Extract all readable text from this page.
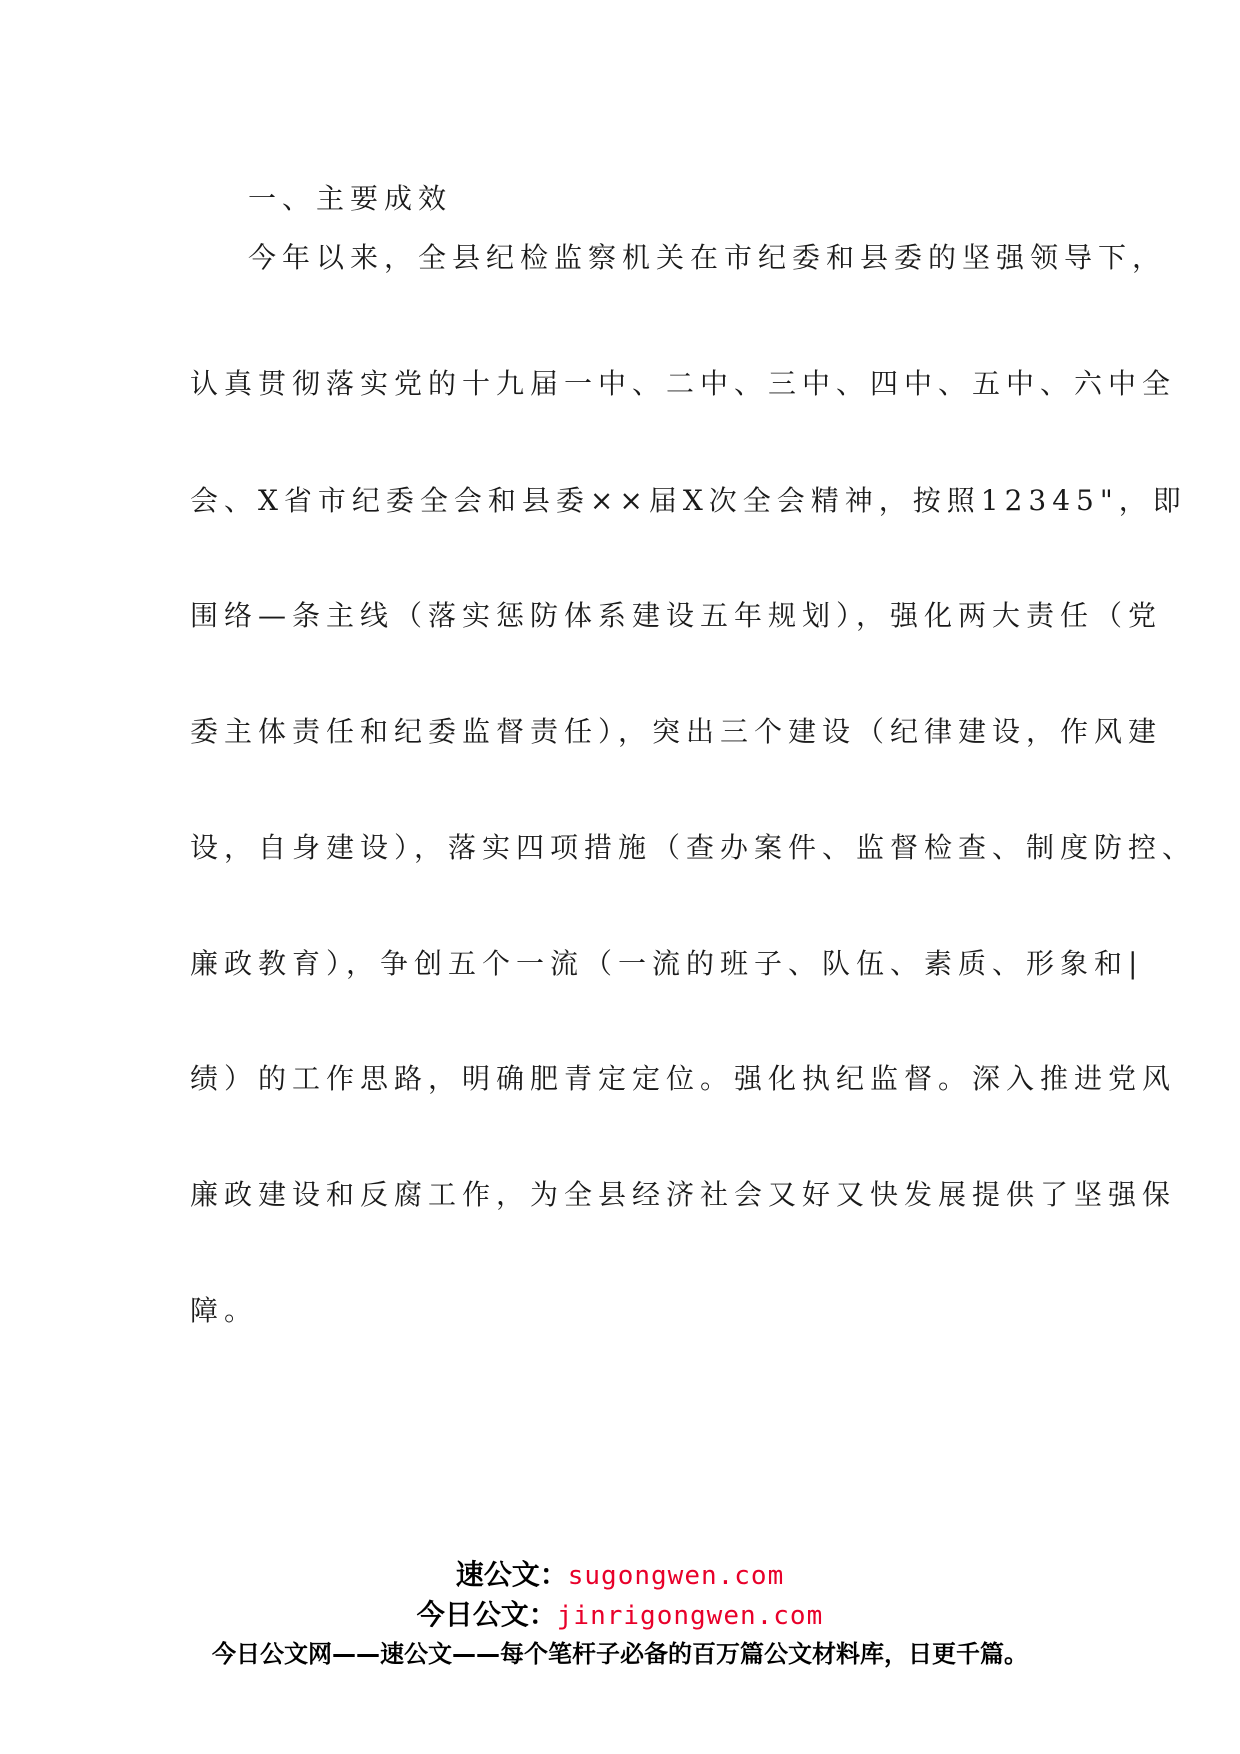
一、主要成效
今年以来，全县纪检监察机关在市纪委和县委的坚强领导下，
认真贯彻落实党的十九届一中、二中、三中、四中、五中、六中全
会、X省市纪委全会和县委××届X次全会精神，按照12345"，即
围络—条主线（落实惩防体系建设五年规划），强化两大责任（党
委主体责任和纪委监督责任），突出三个建设（纪律建设，作风建
设，自身建设），落实四项措施（查办案件、监督检查、制度防控、
廉政教育），争创五个一流（一流的班子、队伍、素质、形象和|
绩）的工作思路，明确肥青定定位。强化执纪监督。深入推进党风
廉政建设和反腐工作，为全县经济社会又好又快发展提供了坚强保
障。
速公文：sugongwen.com
今日公文：jinrigongwen.com
今日公文网——速公文——每个笔杆子必备的百万篇公文材料库，日更千篇。
